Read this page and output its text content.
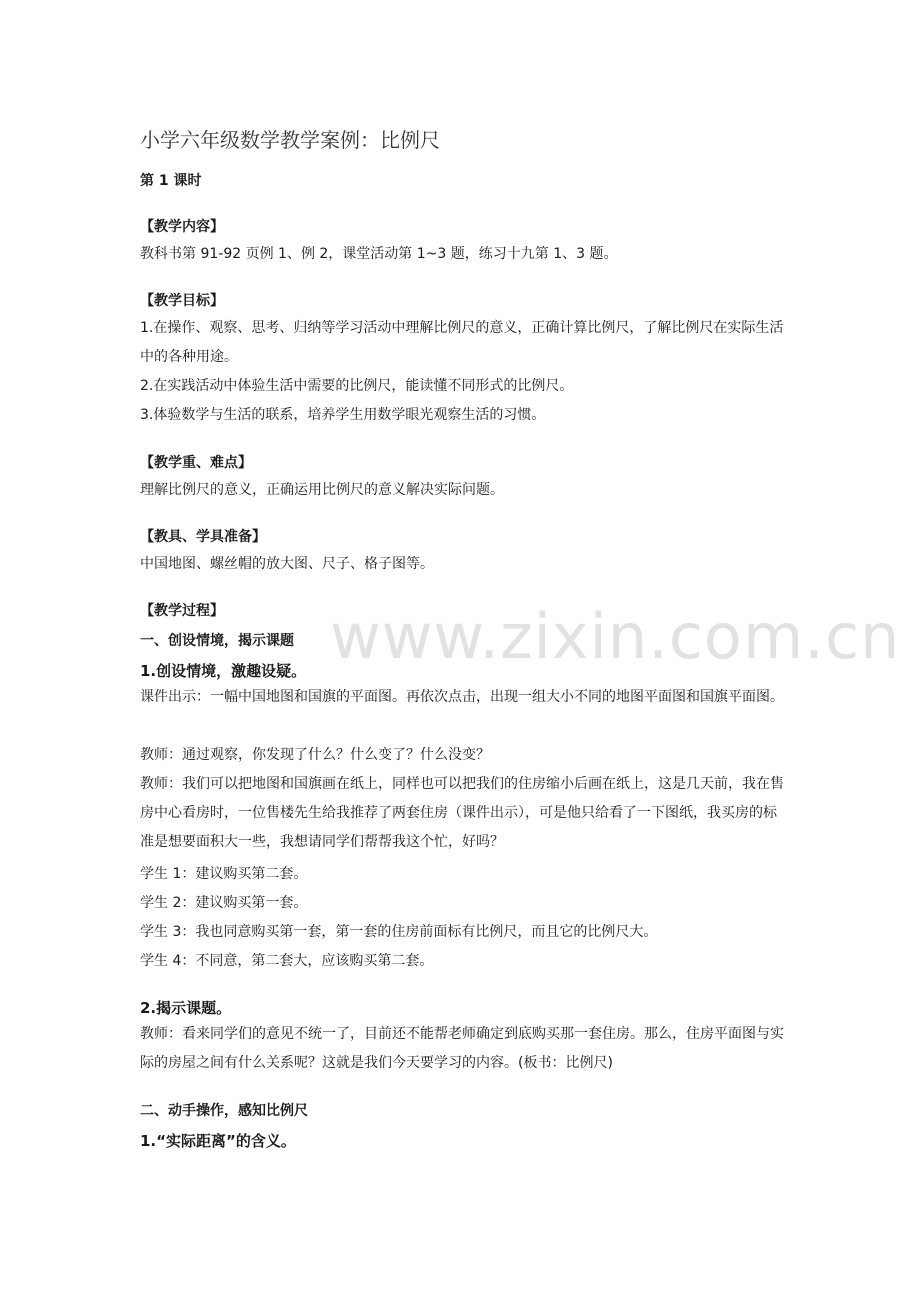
www.zixin.com.cn
小学六年级数学教学案例：比例尺
第 1 课时
【教学内容】
教科书第 91-92 页例 1、例 2，课堂活动第 1~3 题，练习十九第 1、3 题。
【教学目标】
1.在操作、观察、思考、归纳等学习活动中理解比例尺的意义，正确计算比例尺，了解比例尺在实际生活中的各种用途。
2.在实践活动中体验生活中需要的比例尺，能读懂不同形式的比例尺。
3.体验数学与生活的联系，培养学生用数学眼光观察生活的习惯。
【教学重、难点】
理解比例尺的意义，正确运用比例尺的意义解决实际问题。
【教具、学具准备】
中国地图、螺丝帽的放大图、尺子、格子图等。
【教学过程】
一、创设情境，揭示课题
1.创设情境，激趣设疑。
课件出示：一幅中国地图和国旗的平面图。再依次点击，出现一组大小不同的地图平面图和国旗平面图。
教师：通过观察，你发现了什么？什么变了？什么没变？
教师：我们可以把地图和国旗画在纸上，同样也可以把我们的住房缩小后画在纸上，这是几天前，我在售房中心看房时，一位售楼先生给我推荐了两套住房（课件出示），可是他只给看了一下图纸，我买房的标准是想要面积大一些，我想请同学们帮帮我这个忙，好吗？
学生 1：建议购买第二套。
学生 2：建议购买第一套。
学生 3：我也同意购买第一套，第一套的住房前面标有比例尺，而且它的比例尺大。
学生 4：不同意，第二套大，应该购买第二套。
2.揭示课题。
教师：看来同学们的意见不统一了，目前还不能帮老师确定到底购买那一套住房。那么，住房平面图与实际的房屋之间有什么关系呢？这就是我们今天要学习的内容。(板书：比例尺)
二、动手操作，感知比例尺
1.“实际距离”的含义。
